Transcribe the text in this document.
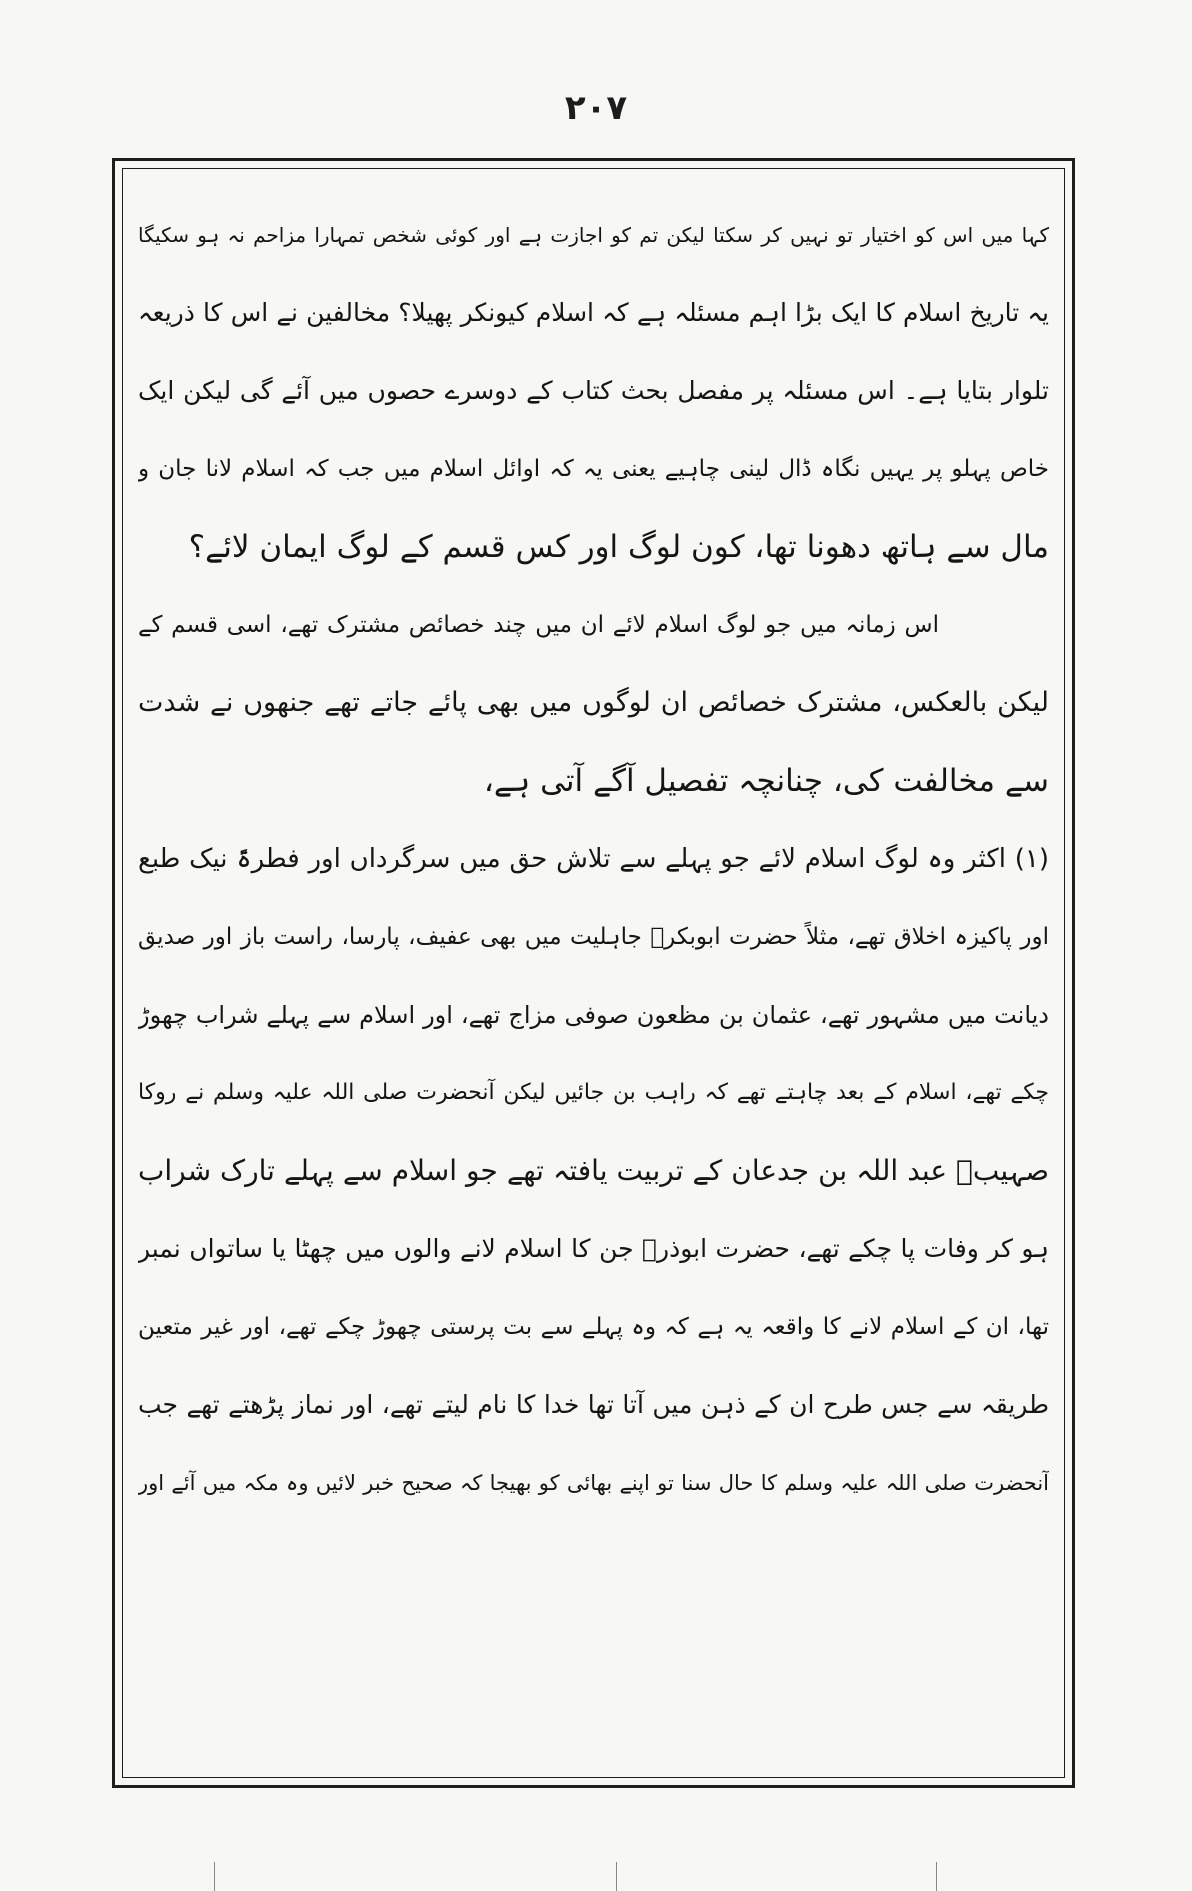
۲۰۷
کہا میں اس کو اختیار تو نہیں کر سکتا لیکن تم کو اجازت ہے اور کوئی شخص تمہارا مزاحم نہ ہو سکیگا
یہ تاریخ اسلام کا ایک بڑا اہم مسئلہ ہے کہ اسلام کیونکر پھیلا؟ مخالفین نے اس کا ذریعہ
تلوار بتایا ہے۔ اس مسئلہ پر مفصل بحث کتاب کے دوسرے حصوں میں آئے گی لیکن ایک
خاص پہلو پر یہیں نگاہ ڈال لینی چاہیے یعنی یہ کہ اوائل اسلام میں جب کہ اسلام لانا جان و
مال سے ہاتھ دھونا تھا، کون لوگ اور کس قسم کے لوگ ایمان لائے؟
اس زمانہ میں جو لوگ اسلام لائے ان میں چند خصائص مشترک تھے، اسی قسم کے
لیکن بالعکس، مشترک خصائص ان لوگوں میں بھی پائے جاتے تھے جنھوں نے شدت
سے مخالفت کی، چنانچہ تفصیل آگے آتی ہے،
(۱) اکثر وہ لوگ اسلام لائے جو پہلے سے تلاش حق میں سرگرداں اور فطرۃً نیک طبع
اور پاکیزہ اخلاق تھے، مثلاً حضرت ابوبکرؓ جاہلیت میں بھی عفیف، پارسا، راست باز اور صدیق
دیانت میں مشہور تھے، عثمان بن مظعون صوفی مزاج تھے، اور اسلام سے پہلے شراب چھوڑ
چکے تھے، اسلام کے بعد چاہتے تھے کہ راہب بن جائیں لیکن آنحضرت صلی اللہ علیہ وسلم نے روکا
صہیبؓ عبد اللہ بن جدعان کے تربیت یافتہ تھے جو اسلام سے پہلے تارک شراب
ہو کر وفات پا چکے تھے، حضرت ابوذرؓ جن کا اسلام لانے والوں میں چھٹا یا ساتواں نمبر
تھا، ان کے اسلام لانے کا واقعہ یہ ہے کہ وہ پہلے سے بت پرستی چھوڑ چکے تھے، اور غیر متعین
طریقہ سے جس طرح ان کے ذہن میں آتا تھا خدا کا نام لیتے تھے، اور نماز پڑھتے تھے جب
آنحضرت صلی اللہ علیہ وسلم کا حال سنا تو اپنے بھائی کو بھیجا کہ صحیح خبر لائیں وہ مکہ میں آئے اور
